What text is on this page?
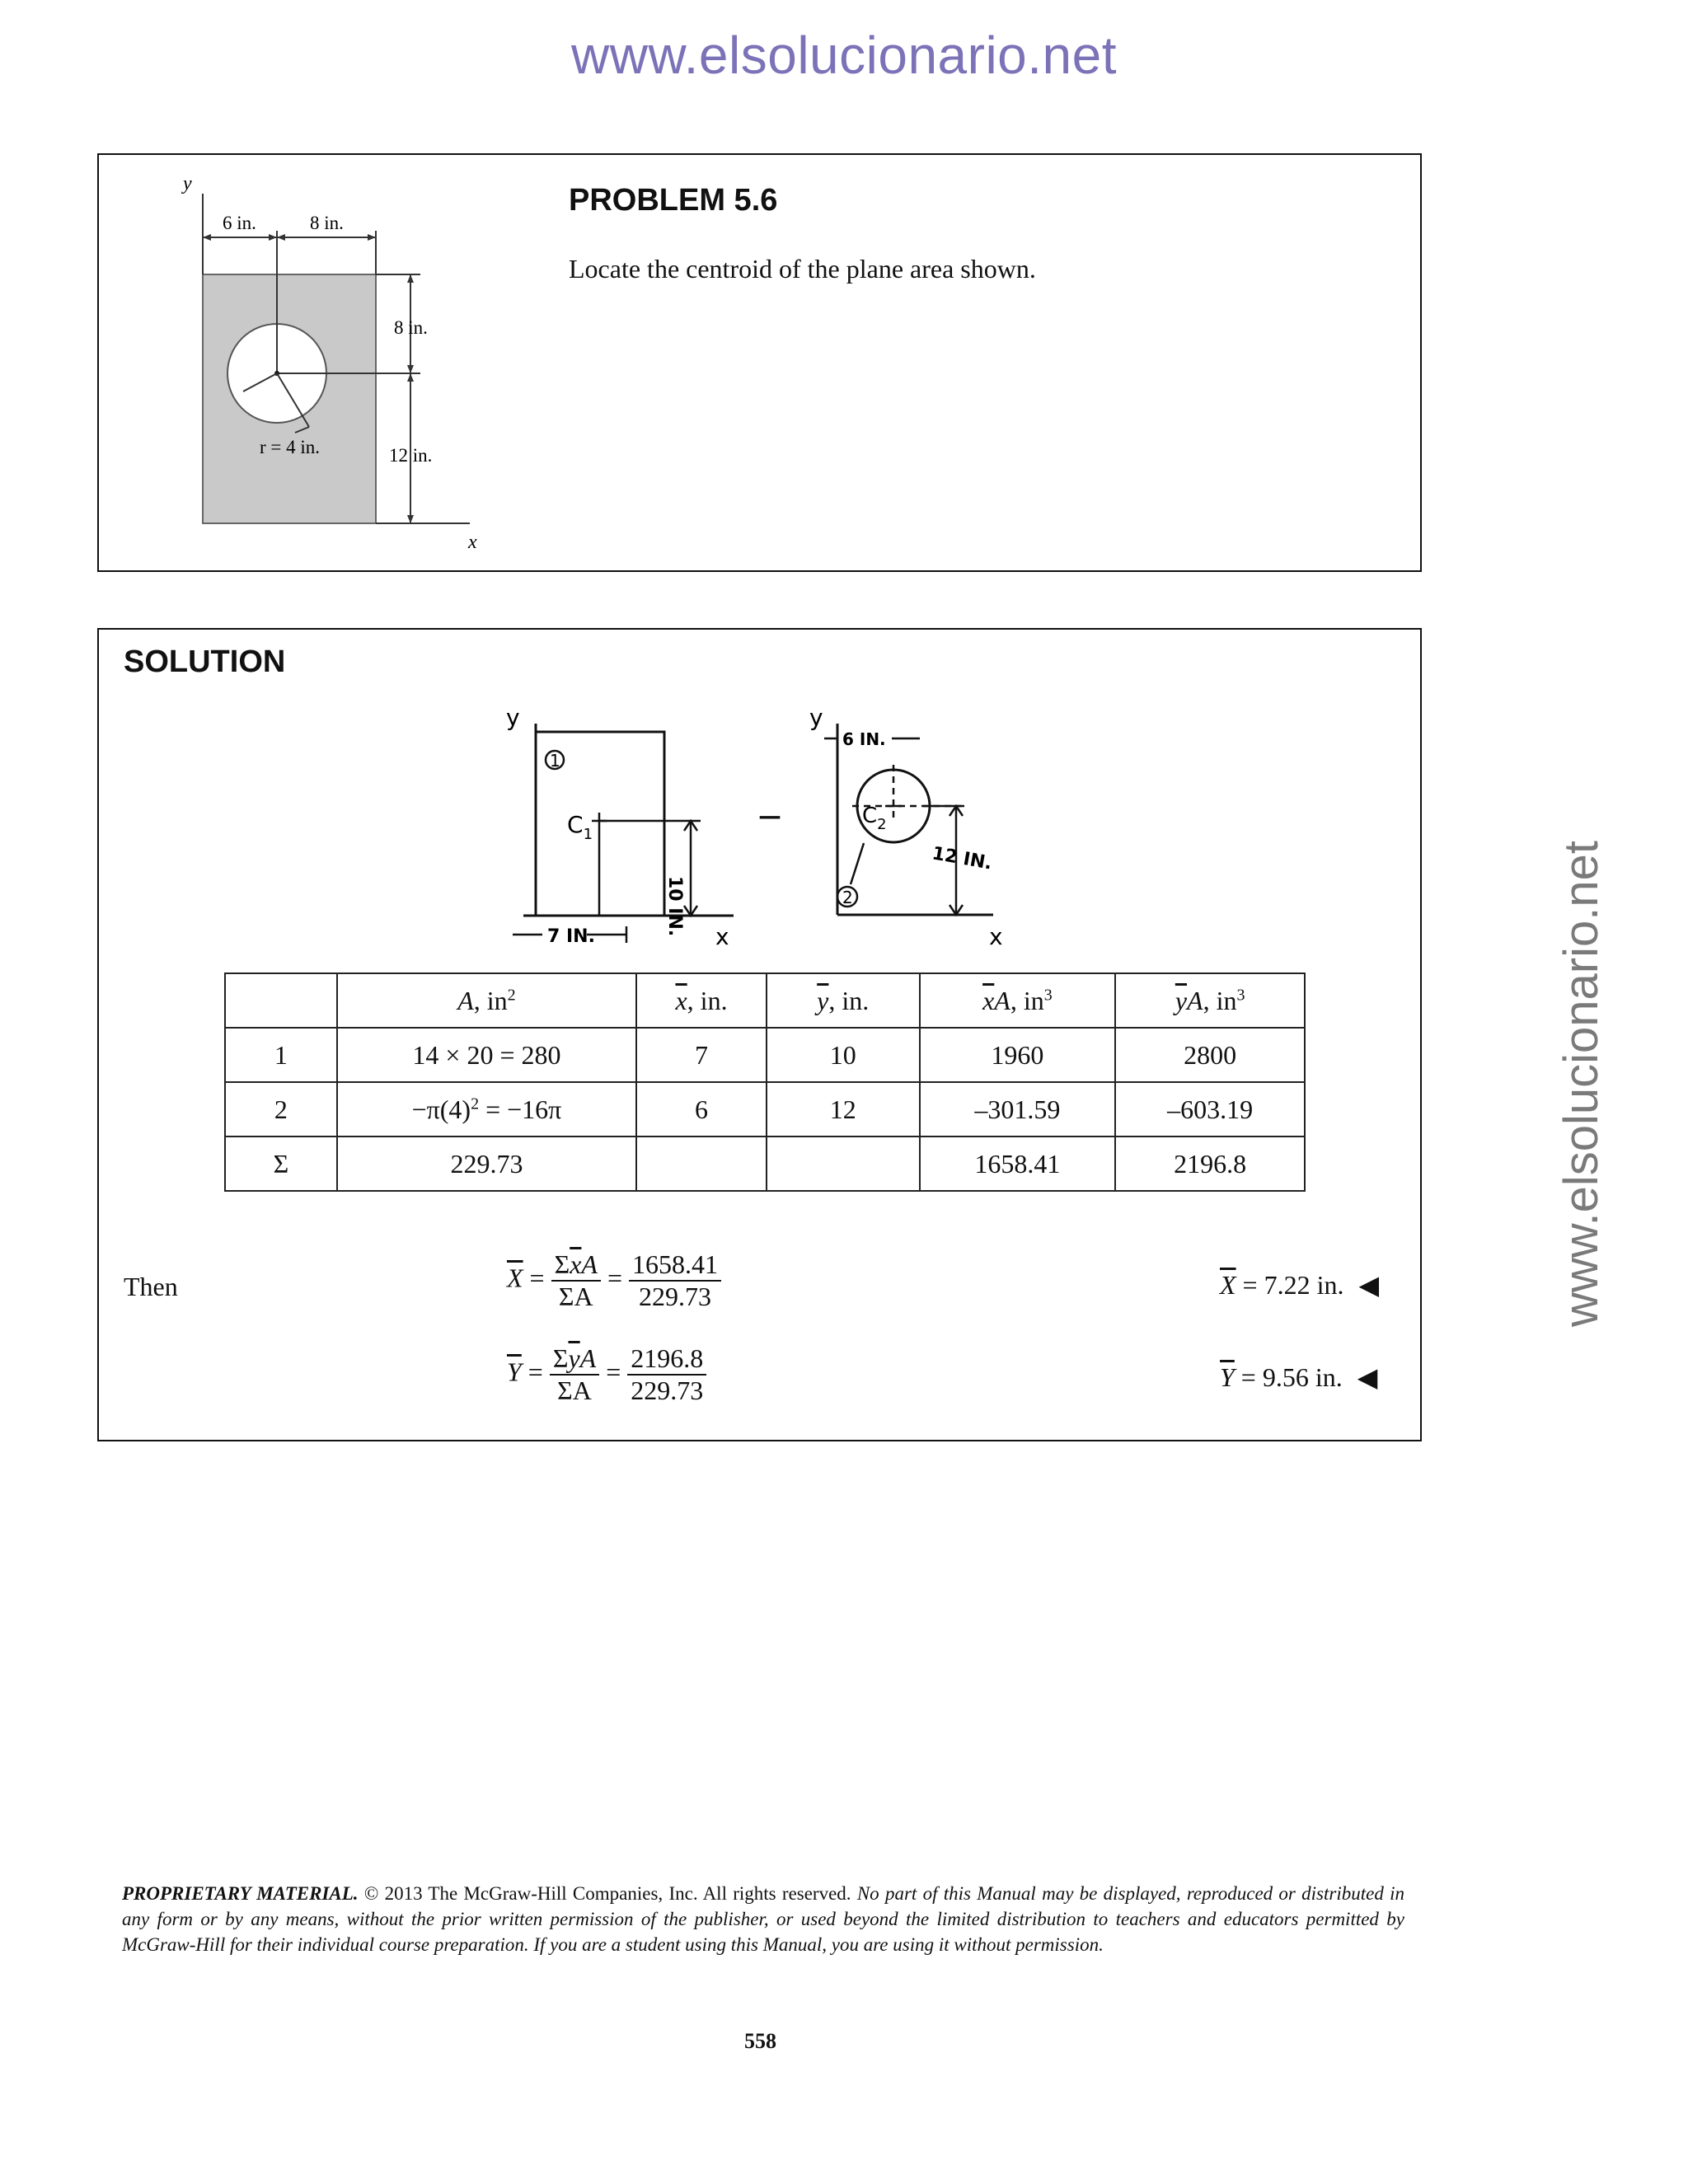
www.elsolucionario.net
www.elsolucionario.net
y
x
6 in.	8 in.
8 in.
12 in.
r = 4 in.
PROBLEM 5.6
Locate the centroid of the plane area shown.
SOLUTION
1
$C_1$
10 IN.
7 IN.
y
x
–	$C_2$
2
12 IN.
6 IN.
y
x
	A, $in^2$	$\overline{x}$, in.	$\overline{y}$, in.	$\overline{x}A$, $in^3$	$\overline{y}A$, $in^3$
1	14 × 20 = 280	7	10	1960	2800
2	$-\pi(4)^2 = -16\pi$	6	12	–301.59	–603.19
Σ	229.73			1658.41	2196.8
Then	$\overline{X} = \frac{\Sigma\overline{x}A}{\Sigma A} = \frac{1658.41}{229.73}$	$\overline{X} = 7.22$ in. ◀
$\overline{Y} = \frac{\Sigma\overline{y}A}{\Sigma A} = \frac{2196.8}{229.73}$	$\overline{Y} = 9.56$ in. ◀
PROPRIETARY MATERIAL. © 2013 The McGraw-Hill Companies, Inc. All rights reserved. No part of this Manual may be displayed, reproduced or distributed in any form or by any means, without the prior written permission of the publisher, or used beyond the limited distribution to teachers and educators permitted by McGraw-Hill for their individual course preparation. If you are a student using this Manual, you are using it without permission.
558
